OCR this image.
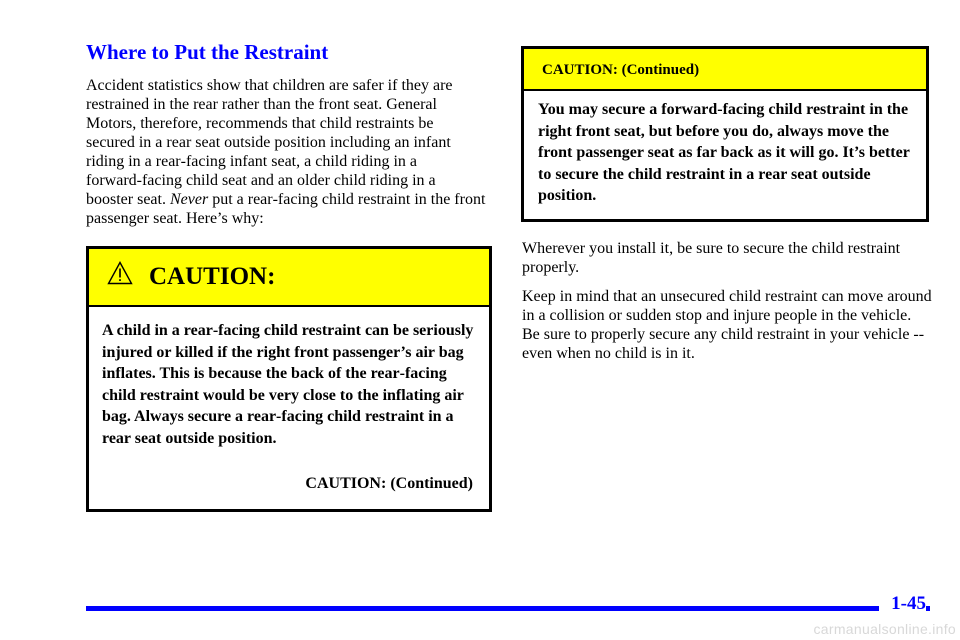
Where to Put the Restraint

Accident statistics show that children are safer if they are restrained in the rear rather than the front seat. General Motors, therefore, recommends that child restraints be secured in a rear seat outside position including an infant riding in a rear‑facing infant seat, a child riding in a forward‑facing child seat and an older child riding in a booster seat. Never put a rear‑facing child restraint in the front passenger seat. Here’s why:

CAUTION:

A child in a rear‑facing child restraint can be seriously injured or killed if the right front passenger’s air bag inflates. This is because the back of the rear‑facing child restraint would be very close to the inflating air bag. Always secure a rear‑facing child restraint in a rear seat outside position.

CAUTION: (Continued)

CAUTION: (Continued)

You may secure a forward‑facing child restraint in the right front seat, but before you do, always move the front passenger seat as far back as it will go. It’s better to secure the child restraint in a rear seat outside position.

Wherever you install it, be sure to secure the child restraint properly.

Keep in mind that an unsecured child restraint can move around in a collision or sudden stop and injure people in the vehicle. Be sure to properly secure any child restraint in your vehicle -- even when no child is in it.

1-45

carmanualsonline.info
